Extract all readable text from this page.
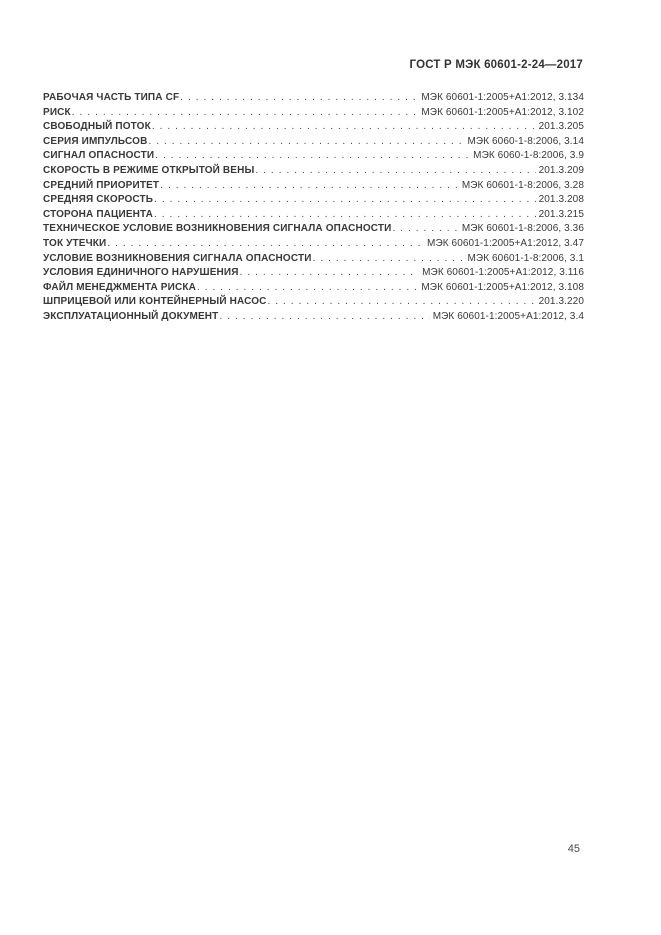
ГОСТ Р МЭК 60601-2-24—2017
РАБОЧАЯ ЧАСТЬ ТИПА CF . . .	МЭК 60601-1:2005+А1:2012, 3.134
РИСК . . .	МЭК 60601-1:2005+А1:2012, 3.102
СВОБОДНЫЙ ПОТОК . . .	201.3.205
СЕРИЯ ИМПУЛЬСОВ . . .	МЭК 6060-1-8:2006, 3.14
СИГНАЛ ОПАСНОСТИ . . .	МЭК 6060-1-8:2006, 3.9
СКОРОСТЬ В РЕЖИМЕ ОТКРЫТОЙ ВЕНЫ . . .	201.3.209
СРЕДНИЙ ПРИОРИТЕТ . . .	МЭК 60601-1-8:2006, 3.28
СРЕДНЯЯ СКОРОСТЬ . . .	201.3.208
СТОРОНА ПАЦИЕНТА . . .	201.3.215
ТЕХНИЧЕСКОЕ УСЛОВИЕ ВОЗНИКНОВЕНИЯ СИГНАЛА ОПАСНОСТИ . . .	МЭК 60601-1-8:2006, 3.36
ТОК УТЕЧКИ . . .	МЭК 60601-1:2005+А1:2012, 3.47
УСЛОВИЕ ВОЗНИКНОВЕНИЯ СИГНАЛА ОПАСНОСТИ . . .	МЭК 60601-1-8:2006, 3.1
УСЛОВИЯ ЕДИНИЧНОГО НАРУШЕНИЯ . . .	МЭК 60601-1:2005+А1:2012, 3.116
ФАЙЛ МЕНЕДЖМЕНТА РИСКА . . .	МЭК 60601-1:2005+А1:2012, 3.108
ШПРИЦЕВОЙ ИЛИ КОНТЕЙНЕРНЫЙ НАСОС . . .	201.3.220
ЭКСПЛУАТАЦИОННЫЙ ДОКУМЕНТ . . .	МЭК 60601-1:2005+А1:2012, 3.4
45
